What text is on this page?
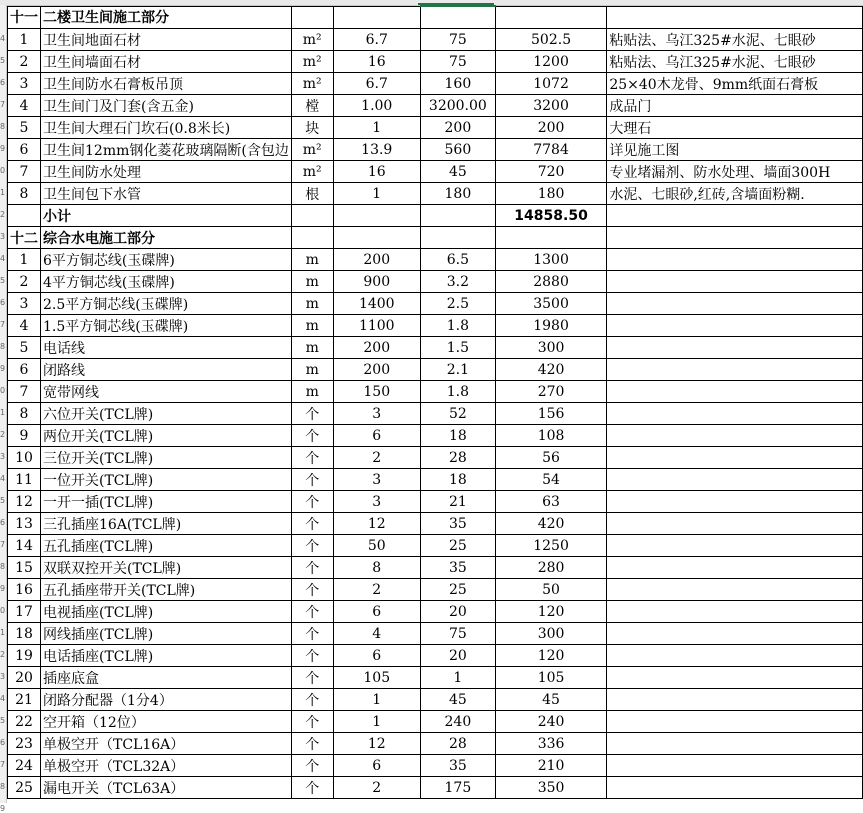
4
5
6
7
8
9
0
1
2
3
4
5
6
7
8
9
0
1
2
3
4
5
6
7
8
9
0
1
2
3
4
5
6
7
8
9
十一	二楼卫生间施工部分					
1	卫生间地面石材	m²	6.7	75	502.5	粘贴法、乌江325#水泥、七眼砂
2	卫生间墙面石材	m²	16	75	1200	粘贴法、乌江325#水泥、七眼砂
3	卫生间防水石膏板吊顶	m²	6.7	160	1072	25×40木龙骨、9mm纸面石膏板
4	卫生间门及门套(含五金)	樘	1.00	3200.00	3200	成品门
5	卫生间大理石门坎石(0.8米长)	块	1	200	200	大理石
6	卫生间12mm钢化菱花玻璃隔断(含包边	m²	13.9	560	7784	详见施工图
7	卫生间防水处理	m²	16	45	720	专业堵漏剂、防水处理、墙面300H
8	卫生间包下水管	根	1	180	180	水泥、七眼砂,红砖,含墙面粉糊.
	小计				14858.50	
十二	综合水电施工部分					
1	6平方铜芯线(玉碟牌)	m	200	6.5	1300	
2	4平方铜芯线(玉碟牌)	m	900	3.2	2880	
3	2.5平方铜芯线(玉碟牌)	m	1400	2.5	3500	
4	1.5平方铜芯线(玉碟牌)	m	1100	1.8	1980	
5	电话线	m	200	1.5	300	
6	闭路线	m	200	2.1	420	
7	宽带网线	m	150	1.8	270	
8	六位开关(TCL牌)	个	3	52	156	
9	两位开关(TCL牌)	个	6	18	108	
10	三位开关(TCL牌)	个	2	28	56	
11	一位开关(TCL牌)	个	3	18	54	
12	一开一插(TCL牌)	个	3	21	63	
13	三孔插座16A(TCL牌)	个	12	35	420	
14	五孔插座(TCL牌)	个	50	25	1250	
15	双联双控开关(TCL牌)	个	8	35	280	
16	五孔插座带开关(TCL牌)	个	2	25	50	
17	电视插座(TCL牌)	个	6	20	120	
18	网线插座(TCL牌)	个	4	75	300	
19	电话插座(TCL牌)	个	6	20	120	
20	插座底盒	个	105	1	105	
21	闭路分配器（1分4）	个	1	45	45	
22	空开箱（12位）	个	1	240	240	
23	单极空开（TCL16A）	个	12	28	336	
24	单极空开（TCL32A）	个	6	35	210	
25	漏电开关（TCL63A）	个	2	175	350	
